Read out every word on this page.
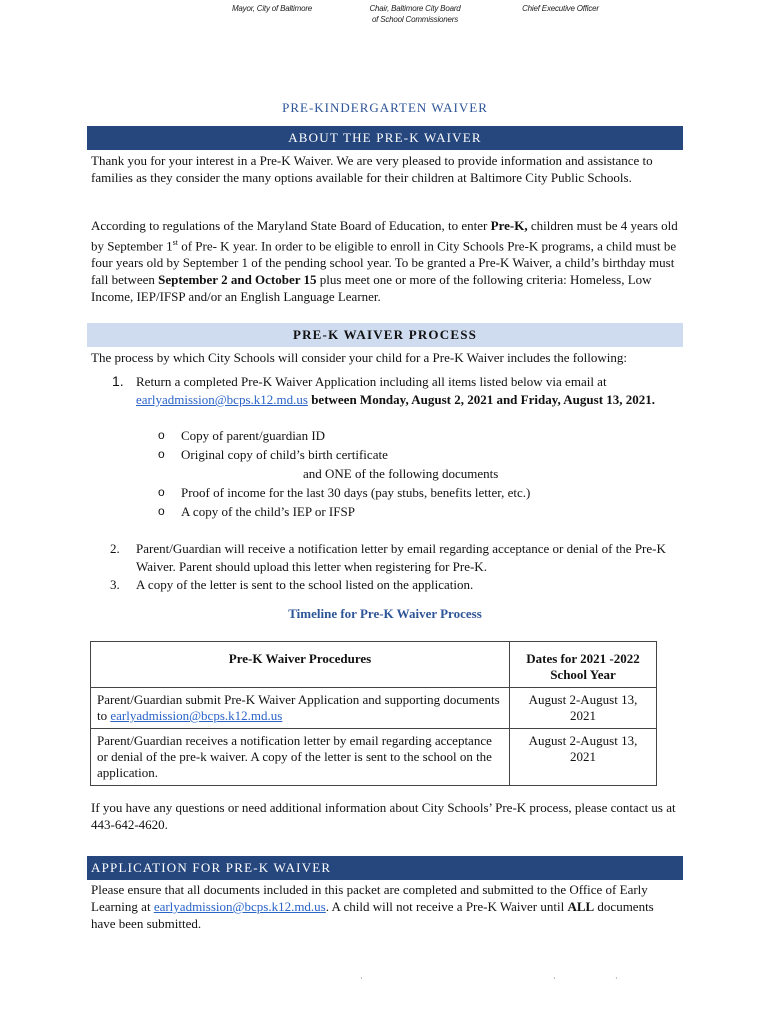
Mayor, City of Baltimore	Chair, Baltimore City Board
of School Commissioners
Chief Executive Officer
PRE-KINDERGARTEN WAIVER
ABOUT THE PRE-K WAIVER
Thank you for your interest in a Pre-K Waiver. We are very pleased to provide information and assistance to families as they consider the many options available for their children at Baltimore City Public Schools.
According to regulations of the Maryland State Board of Education, to enter Pre-K, children must be 4 years old by September 1st of Pre- K year. In order to be eligible to enroll in City Schools Pre-K programs, a child must be four years old by September 1 of the pending school year. To be granted a Pre-K Waiver, a child’s birthday must fall between September 2 and October 15 plus meet one or more of the following criteria: Homeless, Low Income, IEP/IFSP and/or an English Language Learner.
PRE-K WAIVER PROCESS
The process by which City Schools will consider your child for a Pre-K Waiver includes the following:
1. Return a completed Pre-K Waiver Application including all items listed below via email at earlyadmission@bcps.k12.md.us between Monday, August 2, 2021 and Friday, August 13, 2021.
o Copy of parent/guardian ID
o Original copy of child’s birth certificate
and ONE of the following documents
o Proof of income for the last 30 days (pay stubs, benefits letter, etc.)
o A copy of the child’s IEP or IFSP
2. Parent/Guardian will receive a notification letter by email regarding acceptance or denial of the Pre-K Waiver. Parent should upload this letter when registering for Pre-K.
3. A copy of the letter is sent to the school listed on the application.
Timeline for Pre-K Waiver Process
Pre-K Waiver Procedures	Dates for 2021 -2022 School Year
Parent/Guardian submit Pre-K Waiver Application and supporting documents to earlyadmission@bcps.k12.md.us	August 2-August 13, 2021
Parent/Guardian receives a notification letter by email regarding acceptance or denial of the pre-k waiver. A copy of the letter is sent to the school on the application.	August 2-August 13, 2021
If you have any questions or need additional information about City Schools’ Pre-K process, please contact us at 443-642-4620.
APPLICATION FOR PRE-K WAIVER
Please ensure that all documents included in this packet are completed and submitted to the Office of Early Learning at earlyadmission@bcps.k12.md.us. A child will not receive a Pre-K Waiver until ALL documents have been submitted.
·	·	·
